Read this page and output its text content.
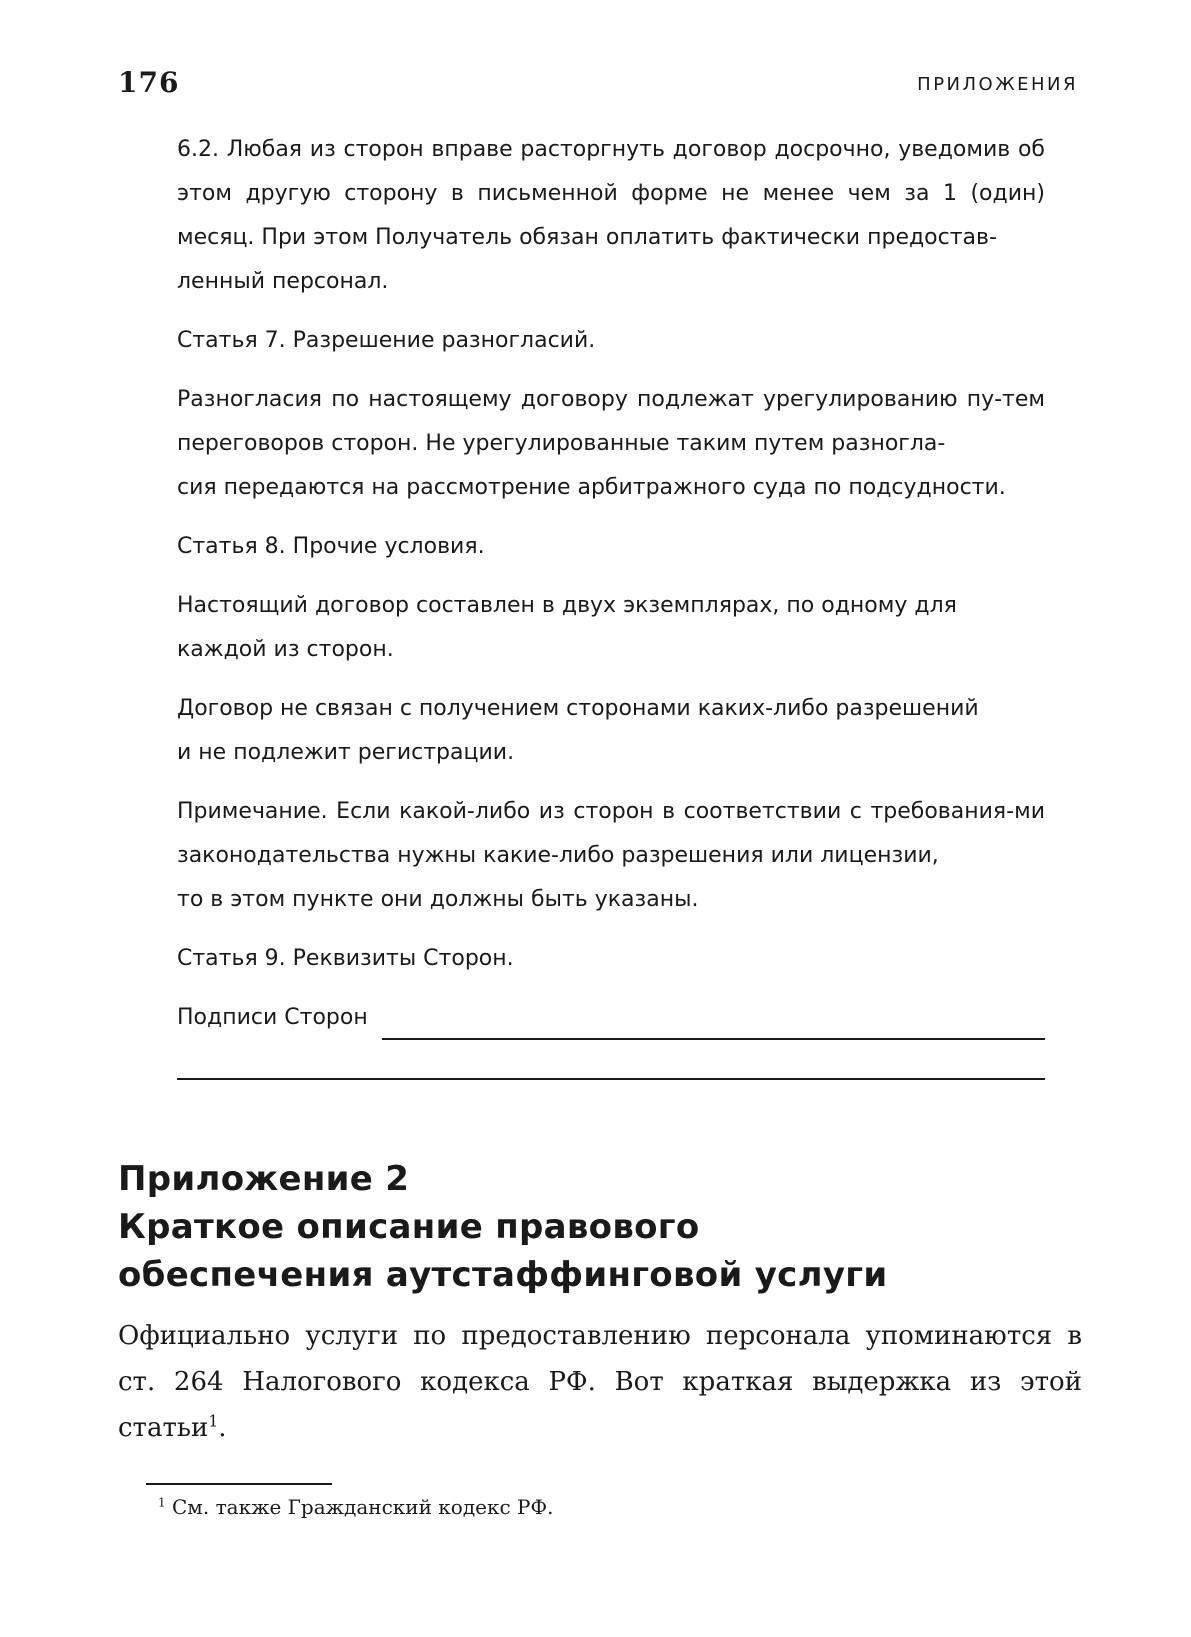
176	ПРИЛОЖЕНИЯ

6.2. Любая из сторон вправе расторгнуть договор досрочно, уведомив об этом другую сторону в письменной форме не менее чем за 1 (один) месяц. При этом Получатель обязан оплатить фактически предостав-
ленный персонал.

Статья 7. Разрешение разногласий.

Разногласия по настоящему договору подлежат урегулированию пу-тем переговоров сторон. Не урегулированные таким путем разногла-
сия передаются на рассмотрение арбитражного суда по подсудности.

Статья 8. Прочие условия.

Настоящий договор составлен в двух экземплярах, по одному для
каждой из сторон.

Договор не связан с получением сторонами каких-либо разрешений
и не подлежит регистрации.

Примечание. Если какой-либо из сторон в соответствии с требования-ми законодательства нужны какие-либо разрешения или лицензии,
то в этом пункте они должны быть указаны.

Статья 9. Реквизиты Сторон.

Подписи Сторон
Приложение 2
Краткое описание правового
обеспечения аутстаффинговой услуги

Официально услуги по предоставлению персонала упоминаются в ст. 264 Налогового кодекса РФ. Вот краткая выдержка из этой статьи$^1$.

$^1$ См. также Гражданский кодекс РФ.
